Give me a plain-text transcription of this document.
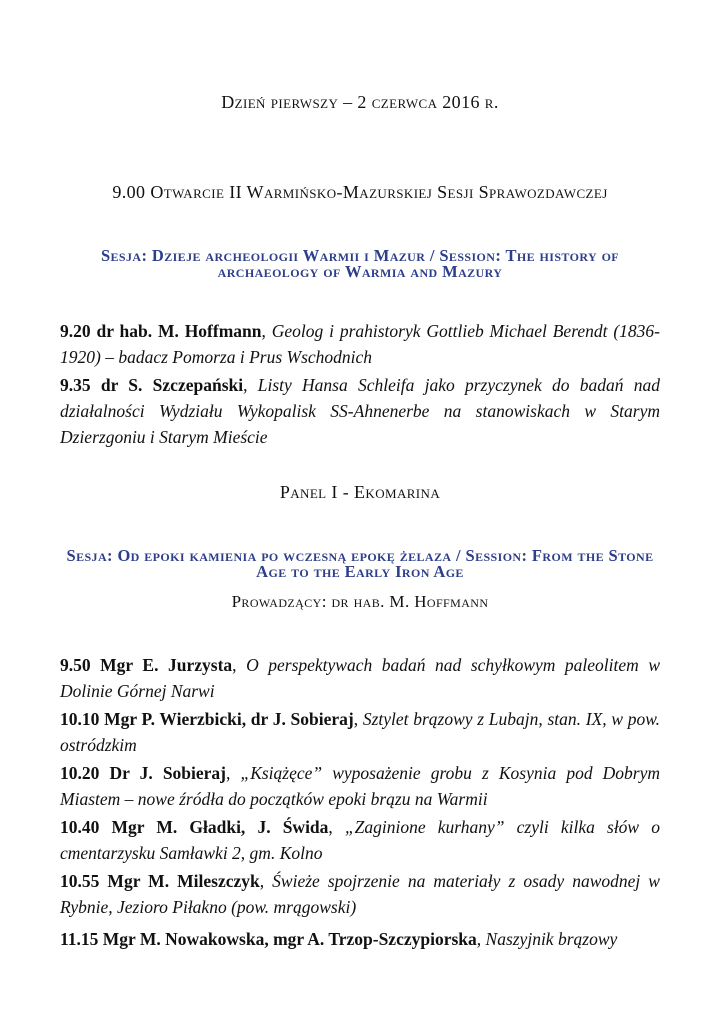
Dzień pierwszy – 2 czerwca 2016 r.
9.00 Otwarcie II Warmińsko-Mazurskiej Sesji Sprawozdawczej
Sesja: Dzieje archeologii Warmii i Mazur / Session: The history of archaeology of Warmia and Mazury

9.20 dr hab. M. Hoffmann, Geolog i prahistoryk Gottlieb Michael Berendt (1836-1920) – badacz Pomorza i Prus Wschodnich

9.35 dr S. Szczepański, Listy Hansa Schleifa jako przyczynek do badań nad działalności Wydziału Wykopalisk SS-Ahnenerbe na stanowiskach w Starym Dzierzgoniu i Starym Mieście

Panel I - Ekomarina
Sesja: Od epoki kamienia po wczesną epokę żelaza / Session: From the Stone Age to the Early Iron Age
Prowadzący: dr hab. M. Hoffmann

9.50 Mgr E. Jurzysta, O perspektywach badań nad schyłkowym paleolitem w Dolinie Górnej Narwi

10.10 Mgr P. Wierzbicki, dr J. Sobieraj, Sztylet brązowy z Lubajn, stan. IX, w pow. ostródzkim

10.20 Dr J. Sobieraj, „Książęce” wyposażenie grobu z Kosynia pod Dobrym Miastem – nowe źródła do początków epoki brązu na Warmii

10.40 Mgr M. Gładki, J. Świda, „Zaginione kurhany” czyli kilka słów o cmentarzysku Samławki 2, gm. Kolno

10.55 Mgr M. Mileszczyk, Świeże spojrzenie na materiały z osady nawodnej w Rybnie, Jezioro Piłakno (pow. mrągowski)

11.15 Mgr M. Nowakowska, mgr A. Trzop-Szczypiorska, Naszyjnik brązowy
